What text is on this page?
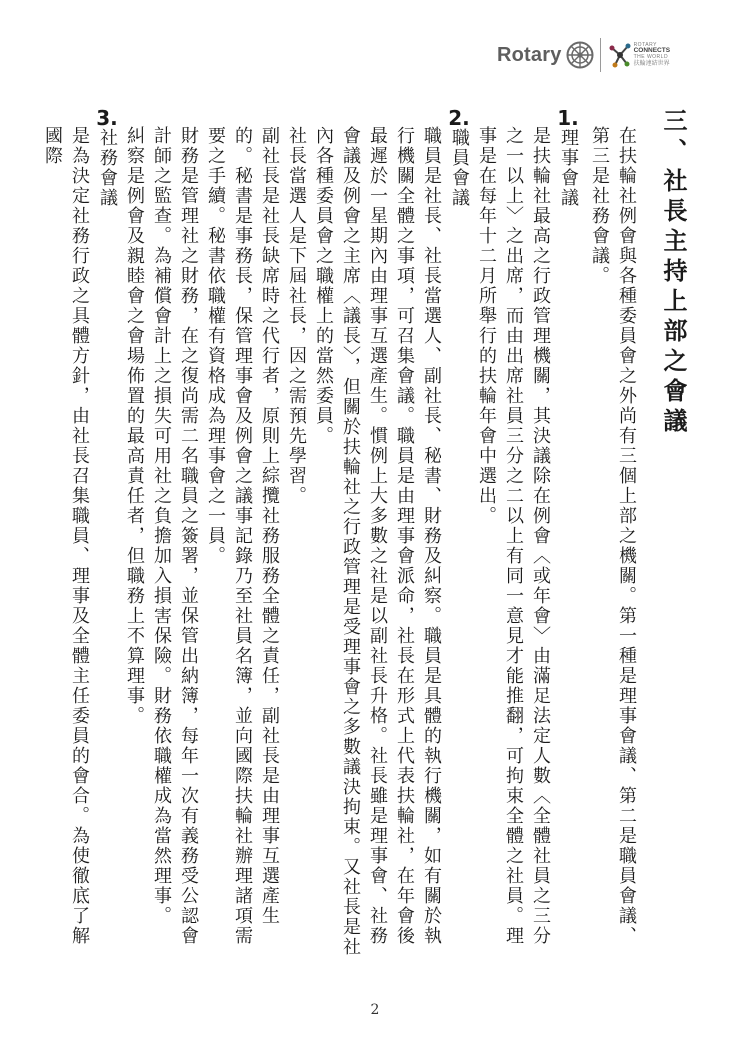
Rotary	ROTARY
CONNECTS
THE WORLD
扶輪連結世界

三、社長主持上部之會議

在扶輪社例會與各種委員會之外尚有三個上部之機關。第一種是理事會議、第二是職員會議、第三是社務會議。

1.理事會議

是扶輪社最高之行政管理機關，其決議除在例會〈或年會〉由滿足法定人數〈全體社員之三分之一以上〉之出席，而由出席社員三分之二以上有同一意見才能推翻，可拘束全體之社員。理事是在每年十二月所舉行的扶輪年會中選出。

2.職員會議

職員是社長、社長當選人、副社長、秘書、財務及糾察。職員是具體的執行機關，如有關於執行機關全體之事項，可召集會議。職員是由理事會派命，社長在形式上代表扶輪社，在年會後最遲於一星期內由理事互選產生。慣例上大多數之社是以副社長升格。社長雖是理事會、社務會議及例會之主席〈議長〉，但關於扶輪社之行政管理是受理事會之多數議決拘束。又社長是社內各種委員會之職權上的當然委員。

社長當選人是下屆社長，因之需預先學習。

副社長是社長缺席時之代行者，原則上綜攬社務服務全體之責任，副社長是由理事互選產生的。秘書是事務長，保管理事會及例會之議事記錄乃至社員名簿，並向國際扶輪社辦理諸項需要之手續。秘書依職權有資格成為理事會之一員。

財務是管理社之財務，在之復尚需二名職員之簽署，並保管出納簿，每年一次有義務受公認會計師之監查。為補償會計上之損失可用社之負擔加入損害保險。財務依職權成為當然理事。

糾察是例會及親睦會之會場佈置的最高責任者，但職務上不算理事。

3.社務會議

是為決定社務行政之具體方針，由社長召集職員、理事及全體主任委員的會合。為使徹底了解國際

2
